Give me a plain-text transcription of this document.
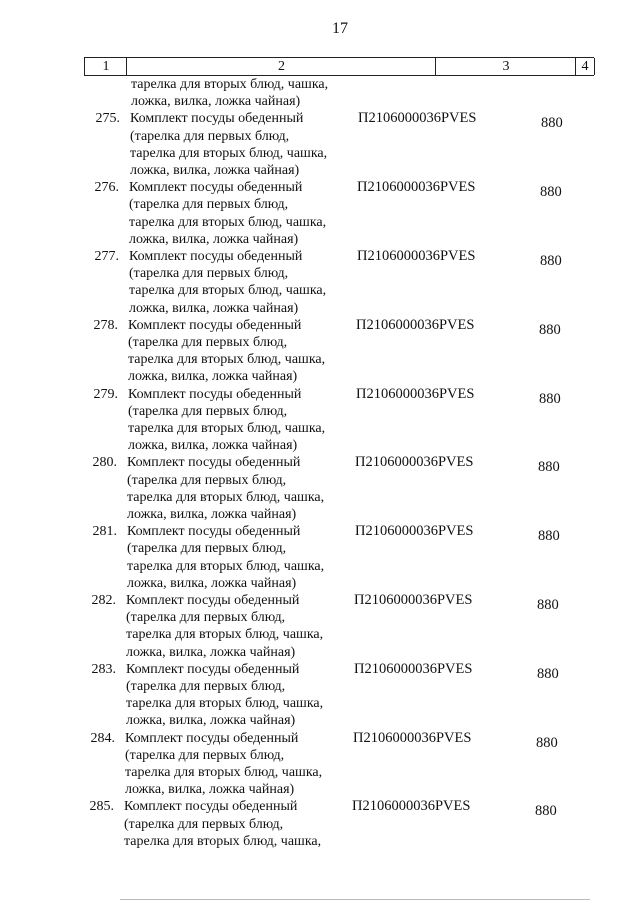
17
1	2	3	4
тарелка для вторых блюд, чашка,
ложка, вилка, ложка чайная)
275. Комплект посуды обеденный
(тарелка для первых блюд,
тарелка для вторых блюд, чашка,
ложка, вилка, ложка чайная)
П2106000036PVES	880
276. Комплект посуды обеденный
(тарелка для первых блюд,
тарелка для вторых блюд, чашка,
ложка, вилка, ложка чайная)
П2106000036PVES	880
277. Комплект посуды обеденный
(тарелка для первых блюд,
тарелка для вторых блюд, чашка,
ложка, вилка, ложка чайная)
П2106000036PVES	880
278. Комплект посуды обеденный
(тарелка для первых блюд,
тарелка для вторых блюд, чашка,
ложка, вилка, ложка чайная)
П2106000036PVES	880
279. Комплект посуды обеденный
(тарелка для первых блюд,
тарелка для вторых блюд, чашка,
ложка, вилка, ложка чайная)
П2106000036PVES	880
280. Комплект посуды обеденный
(тарелка для первых блюд,
тарелка для вторых блюд, чашка,
ложка, вилка, ложка чайная)
П2106000036PVES	880
281. Комплект посуды обеденный
(тарелка для первых блюд,
тарелка для вторых блюд, чашка,
ложка, вилка, ложка чайная)
П2106000036PVES	880
282. Комплект посуды обеденный
(тарелка для первых блюд,
тарелка для вторых блюд, чашка,
ложка, вилка, ложка чайная)
П2106000036PVES	880
283. Комплект посуды обеденный
(тарелка для первых блюд,
тарелка для вторых блюд, чашка,
ложка, вилка, ложка чайная)
П2106000036PVES	880
284. Комплект посуды обеденный
(тарелка для первых блюд,
тарелка для вторых блюд, чашка,
ложка, вилка, ложка чайная)
П2106000036PVES	880
285. Комплект посуды обеденный
(тарелка для первых блюд,
тарелка для вторых блюд, чашка,
П2106000036PVES	880
